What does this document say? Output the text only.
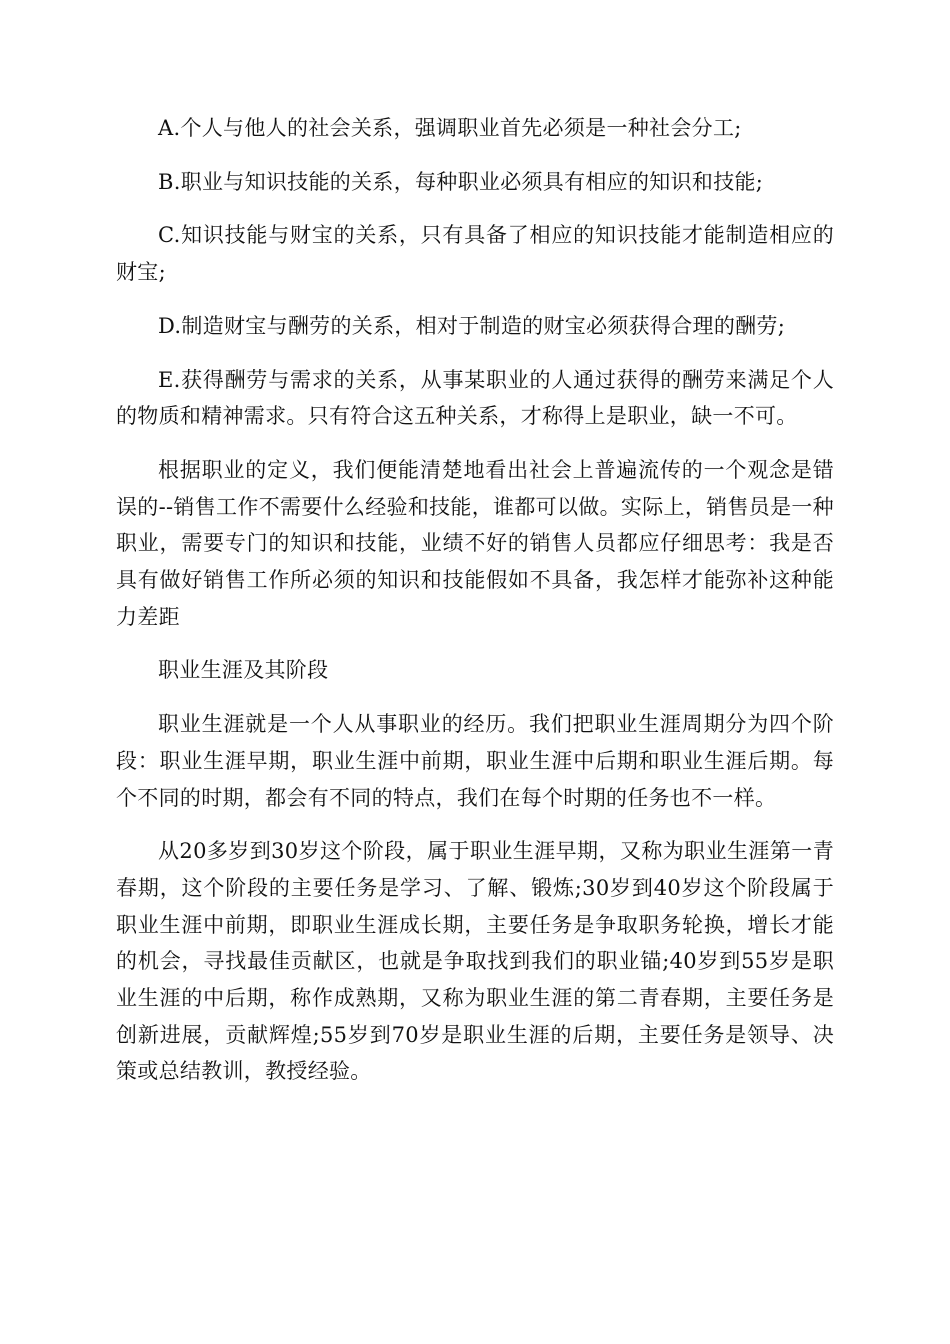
A.个人与他人的社会关系，强调职业首先必须是一种社会分工;

B.职业与知识技能的关系，每种职业必须具有相应的知识和技能;

C.知识技能与财宝的关系，只有具备了相应的知识技能才能制造相应的财宝;

D.制造财宝与酬劳的关系，相对于制造的财宝必须获得合理的酬劳;

E.获得酬劳与需求的关系，从事某职业的人通过获得的酬劳来满足个人的物质和精神需求。只有符合这五种关系，才称得上是职业，缺一不可。

根据职业的定义，我们便能清楚地看出社会上普遍流传的一个观念是错误的--销售工作不需要什么经验和技能，谁都可以做。实际上，销售员是一种职业，需要专门的知识和技能，业绩不好的销售人员都应仔细思考：我是否具有做好销售工作所必须的知识和技能假如不具备，我怎样才能弥补这种能力差距

职业生涯及其阶段

职业生涯就是一个人从事职业的经历。我们把职业生涯周期分为四个阶段：职业生涯早期，职业生涯中前期，职业生涯中后期和职业生涯后期。每个不同的时期，都会有不同的特点，我们在每个时期的任务也不一样。

从20多岁到30岁这个阶段，属于职业生涯早期，又称为职业生涯第一青春期，这个阶段的主要任务是学习、了解、锻炼;30岁到40岁这个阶段属于职业生涯中前期，即职业生涯成长期，主要任务是争取职务轮换，增长才能的机会，寻找最佳贡献区，也就是争取找到我们的职业锚;40岁到55岁是职业生涯的中后期，称作成熟期，又称为职业生涯的第二青春期，主要任务是创新进展，贡献辉煌;55岁到70岁是职业生涯的后期，主要任务是领导、决策或总结教训，教授经验。
